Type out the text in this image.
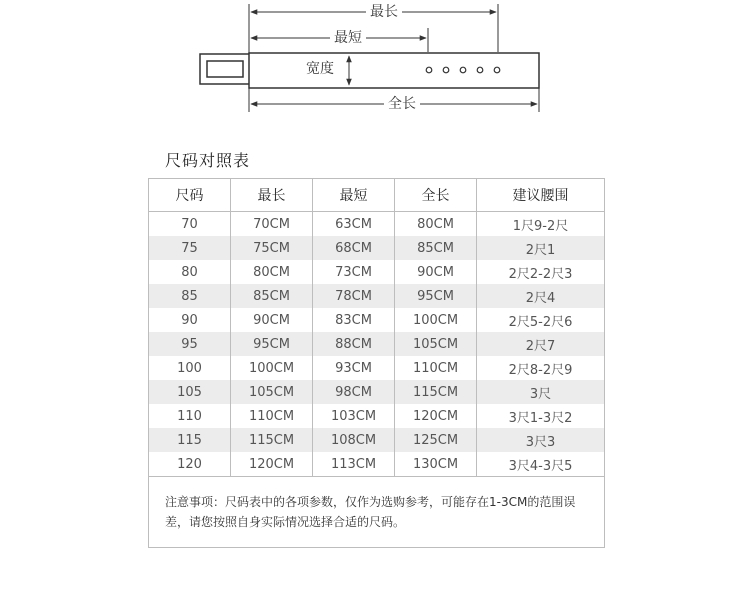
最长
最短
宽度
全长
尺码对照表
尺码	最长	最短	全长	建议腰围
70	70CM	63CM	80CM	1尺9-2尺
75	75CM	68CM	85CM	2尺1
80	80CM	73CM	90CM	2尺2-2尺3
85	85CM	78CM	95CM	2尺4
90	90CM	83CM	100CM	2尺5-2尺6
95	95CM	88CM	105CM	2尺7
100	100CM	93CM	110CM	2尺8-2尺9
105	105CM	98CM	115CM	3尺
110	110CM	103CM	120CM	3尺1-3尺2
115	115CM	108CM	125CM	3尺3
120	120CM	113CM	130CM	3尺4-3尺5
注意事项：尺码表中的各项参数，仅作为选购参考，可能存在1-3CM的范围误差，请您按照自身实际情况选择合适的尺码。				
